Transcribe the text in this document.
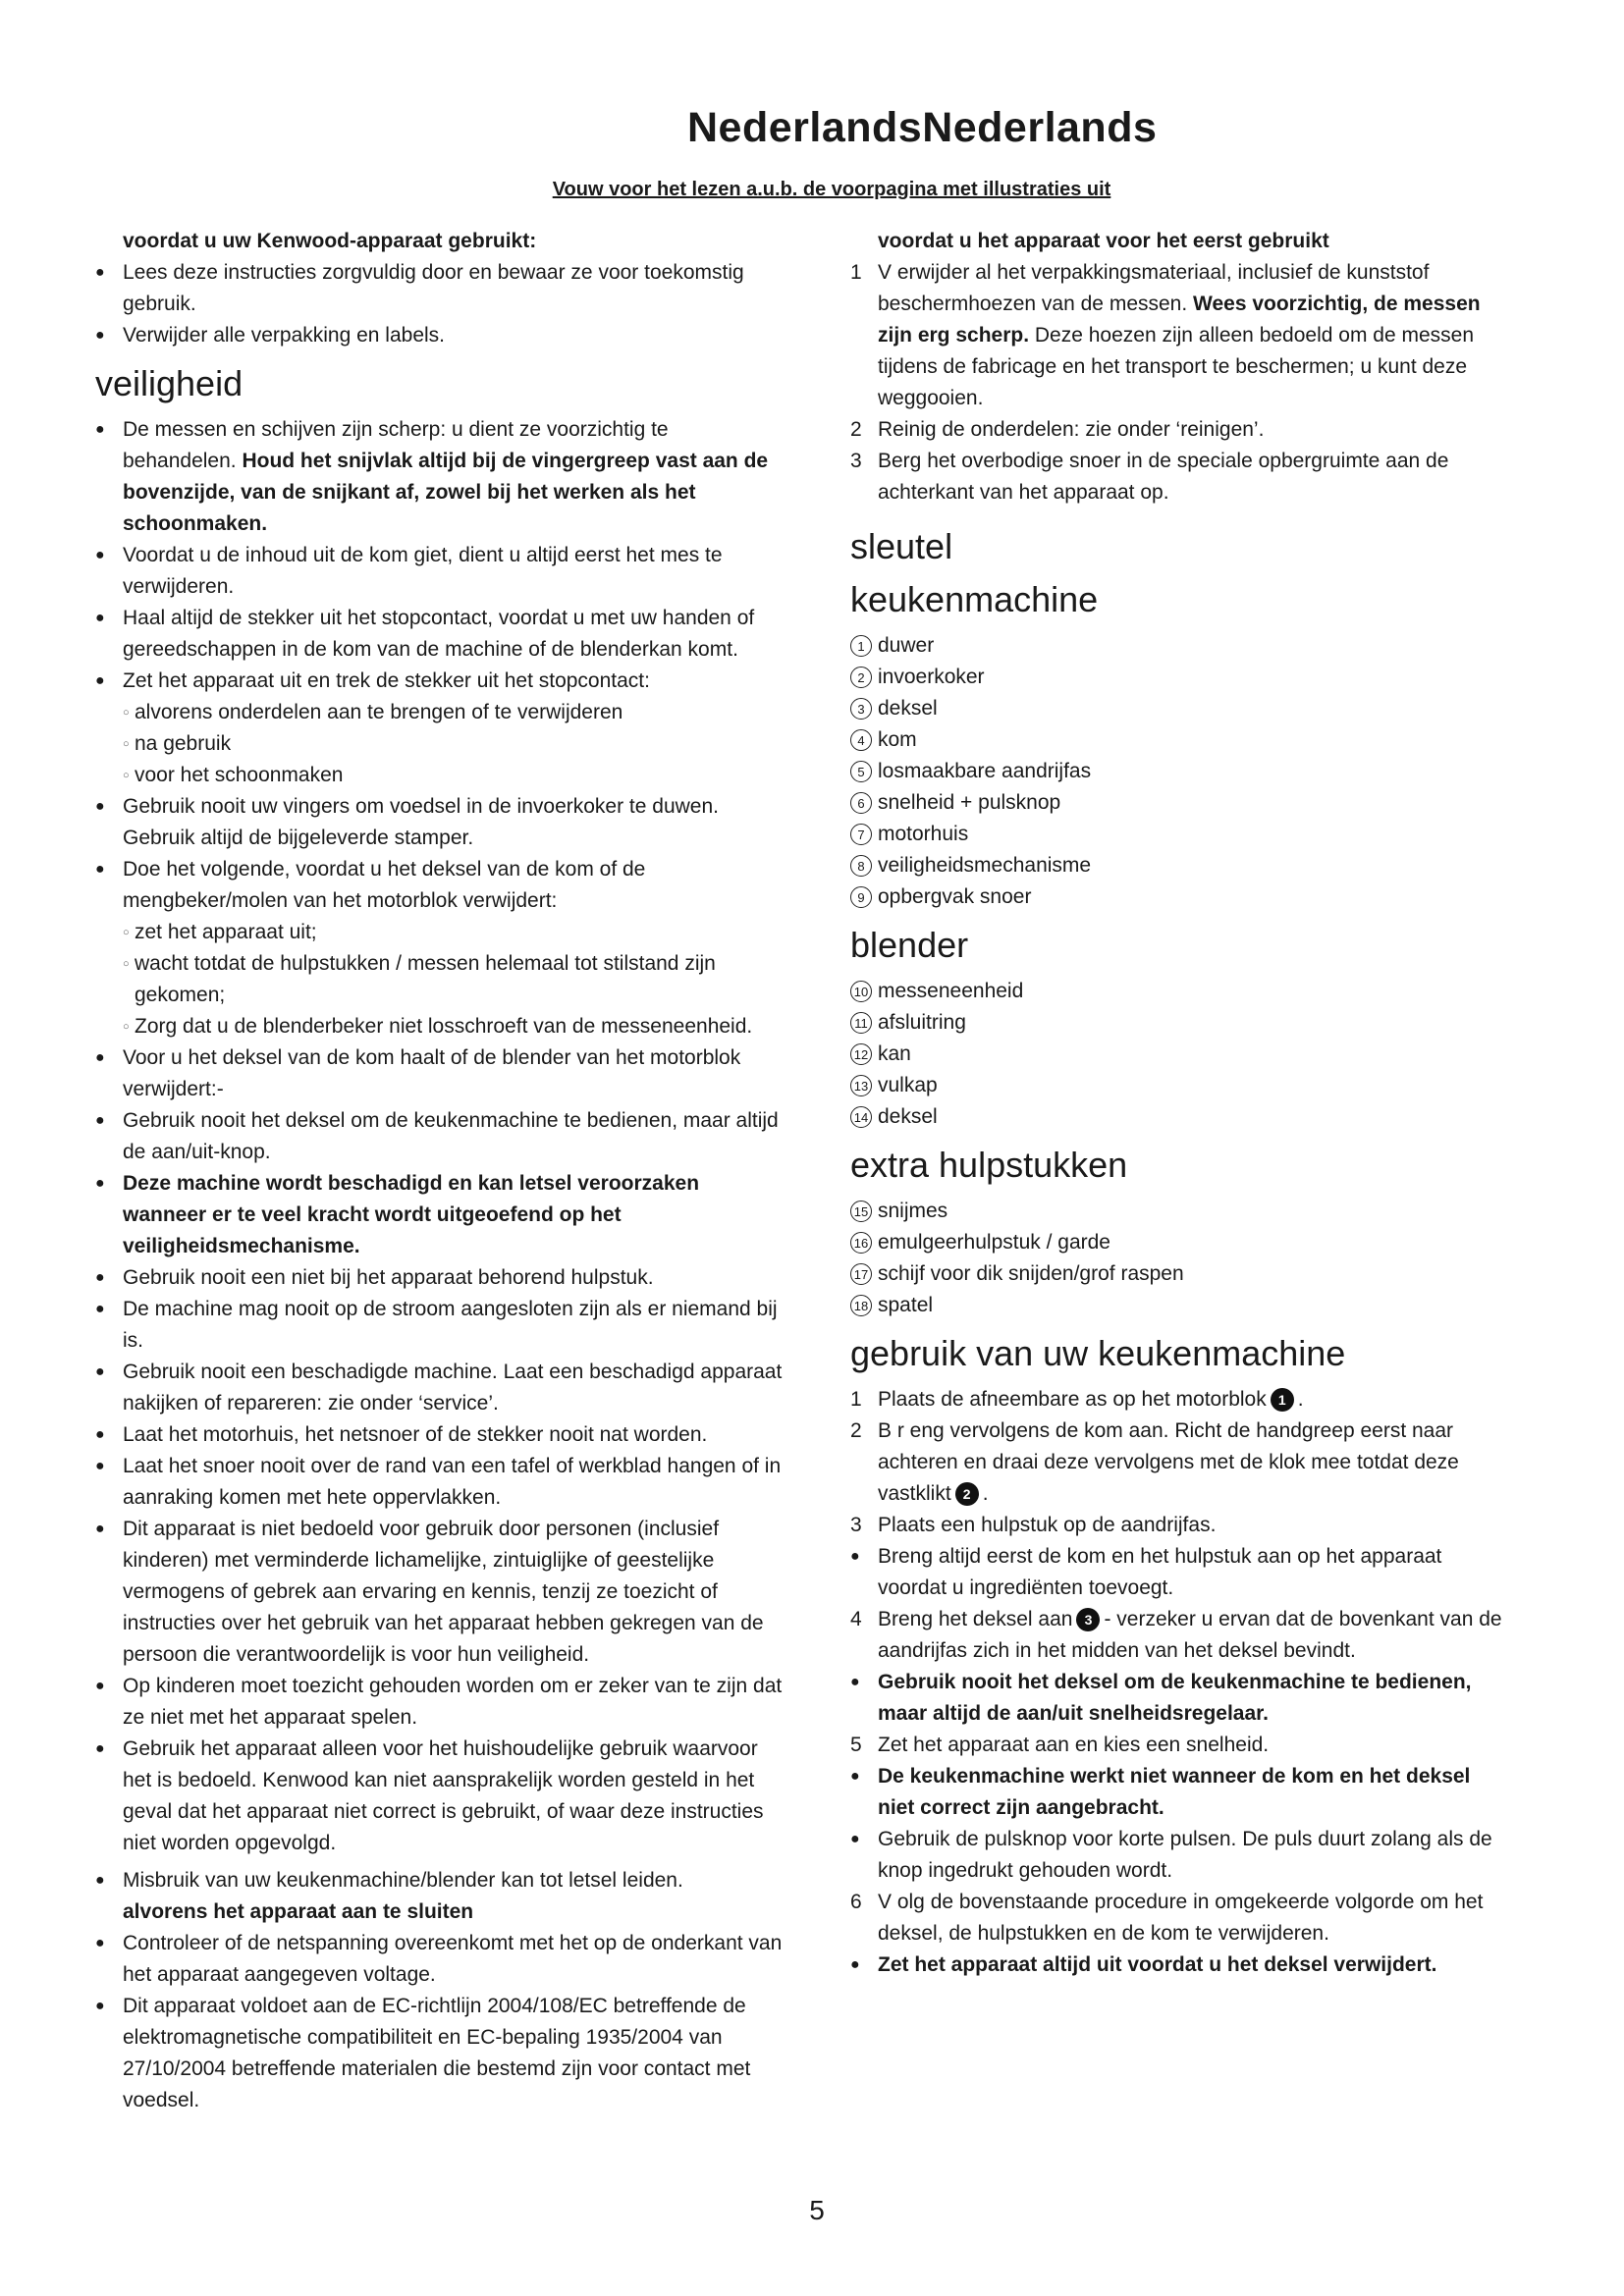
NederlandsNederlands
Vouw voor het lezen a.u.b. de voorpagina met illustraties uit

voordat u uw Kenwood-apparaat gebruikt:

● Lees deze instructies zorgvuldig door en bewaar ze voor toekomstig gebruik.
● Verwijder alle verpakking en labels.
veiligheid
● De messen en schijven zijn scherp: u dient ze voorzichtig te behandelen. Houd het snijvlak altijd bij de vingergreep vast aan de bovenzijde, van de snijkant af, zowel bij het werken als het schoonmaken.
● Voordat u de inhoud uit de kom giet, dient u altijd eerst het mes te verwijderen.
● Haal altijd de stekker uit het stopcontact, voordat u met uw handen of gereedschappen in de kom van de machine of de blenderkan komt.
● Zet het apparaat uit en trek de stekker uit het stopcontact:
○ alvorens onderdelen aan te brengen of te verwijderen
○ na gebruik
○ voor het schoonmaken
● Gebruik nooit uw vingers om voedsel in de invoerkoker te duwen. Gebruik altijd de bijgeleverde stamper.
● Doe het volgende, voordat u het deksel van de kom of de mengbeker/molen van het motorblok verwijdert:
○ zet het apparaat uit;
○ wacht totdat de hulpstukken / messen helemaal tot stilstand zijn gekomen;
○ Zorg dat u de blenderbeker niet losschroeft van de messeneenheid.
● Voor u het deksel van de kom haalt of de blender van het motorblok verwijdert:-
● Gebruik nooit het deksel om de keukenmachine te bedienen, maar altijd de aan/uit-knop.
● Deze machine wordt beschadigd en kan letsel veroorzaken wanneer er te veel kracht wordt uitgeoefend op het veiligheidsmechanisme.
● Gebruik nooit een niet bij het apparaat behorend hulpstuk.
● De machine mag nooit op de stroom aangesloten zijn als er niemand bij is.
● Gebruik nooit een beschadigde machine. Laat een beschadigd apparaat nakijken of repareren: zie onder ‘service’.
● Laat het motorhuis, het netsnoer of de stekker nooit nat worden.
● Laat het snoer nooit over de rand van een tafel of werkblad hangen of in aanraking komen met hete oppervlakken.
● Dit apparaat is niet bedoeld voor gebruik door personen (inclusief kinderen) met verminderde lichamelijke, zintuiglijke of geestelijke vermogens of gebrek aan ervaring en kennis, tenzij ze toezicht of instructies over het gebruik van het apparaat hebben gekregen van de persoon die verantwoordelijk is voor hun veiligheid.
● Op kinderen moet toezicht gehouden worden om er zeker van te zijn dat ze niet met het apparaat spelen.
● Gebruik het apparaat alleen voor het huishoudelijke gebruik waarvoor het is bedoeld. Kenwood kan niet aansprakelijk worden gesteld in het geval dat het apparaat niet correct is gebruikt, of waar deze instructies niet worden opgevolgd.
● Misbruik van uw keukenmachine/blender kan tot letsel leiden.

alvorens het apparaat aan te sluiten

● Controleer of de netspanning overeenkomt met het op de onderkant van het apparaat aangegeven voltage.
● Dit apparaat voldoet aan de EC-richtlijn 2004/108/EC betreffende de elektromagnetische compatibiliteit en EC-bepaling 1935/2004 van 27/10/2004 betreffende materialen die bestemd zijn voor contact met voedsel.

voordat u het apparaat voor het eerst gebruikt

1 V erwijder al het verpakkingsmateriaal, inclusief de kunststof beschermhoezen van de messen. Wees voorzichtig, de messen zijn erg scherp. Deze hoezen zijn alleen bedoeld om de messen tijdens de fabricage en het transport te beschermen; u kunt deze weggooien.
2 Reinig de onderdelen: zie onder ‘reinigen’.
3 Berg het overbodige snoer in de speciale opbergruimte aan de achterkant van het apparaat op.
sleutel
keukenmachine
1 duwer
2 invoerkoker
3 deksel
4 kom
5 losmaakbare aandrijfas
6 snelheid + pulsknop
7 motorhuis
8 veiligheidsmechanisme
9 opbergvak snoer
blender
10 messeneenheid
11 afsluitring
12 kan
13 vulkap
14 deksel
extra hulpstukken
15 snijmes
16 emulgeerhulpstuk / garde
17 schijf voor dik snijden/grof raspen
18 spatel
gebruik van uw keukenmachine
1 Plaats de afneembare as op het motorblok 1 .
2 B r eng vervolgens de kom aan. Richt de handgreep eerst naar achteren en draai deze vervolgens met de klok mee totdat deze vastklikt 2 .
3 Plaats een hulpstuk op de aandrijfas.
● Breng altijd eerst de kom en het hulpstuk aan op het apparaat voordat u ingrediënten toevoegt.
4 Breng het deksel aan 3 - verzeker u ervan dat de bovenkant van de aandrijfas zich in het midden van het deksel bevindt.
● Gebruik nooit het deksel om de keukenmachine te bedienen, maar altijd de aan/uit snelheidsregelaar.
5 Zet het apparaat aan en kies een snelheid.
● De keukenmachine werkt niet wanneer de kom en het deksel niet correct zijn aangebracht.
● Gebruik de pulsknop voor korte pulsen. De puls duurt zolang als de knop ingedrukt gehouden wordt.
6 V olg de bovenstaande procedure in omgekeerde volgorde om het deksel, de hulpstukken en de kom te verwijderen.
● Zet het apparaat altijd uit voordat u het deksel verwijdert.
5
